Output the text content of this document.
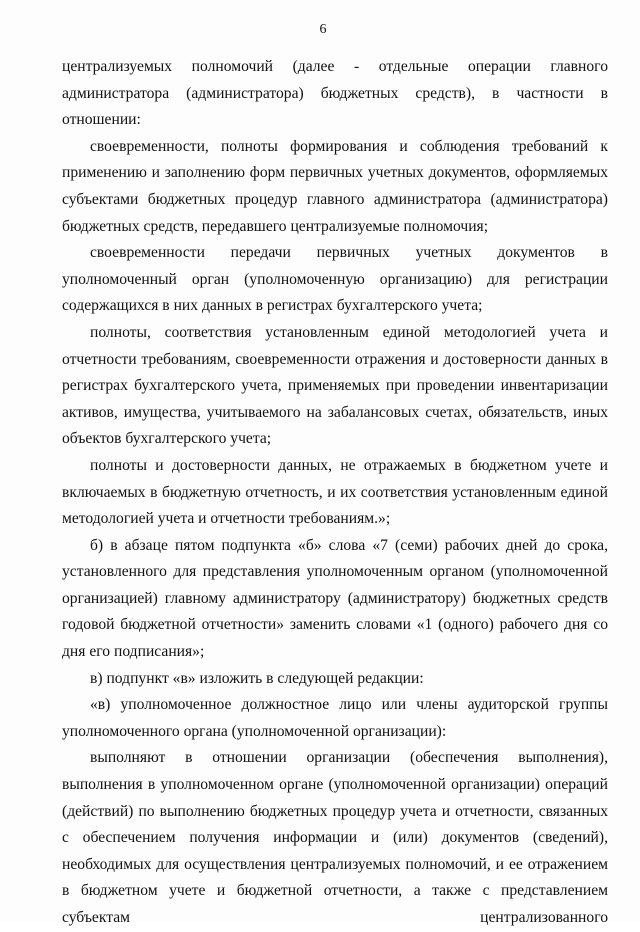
6

централизуемых полномочий (далее - отдельные операции главного администратора (администратора) бюджетных средств), в частности в отношении:

своевременности, полноты формирования и соблюдения требований к применению и заполнению форм первичных учетных документов, оформляемых субъектами бюджетных процедур главного администратора (администратора) бюджетных средств, передавшего централизуемые полномочия;

своевременности передачи первичных учетных документов в уполномоченный орган (уполномоченную организацию) для регистрации содержащихся в них данных в регистрах бухгалтерского учета;

полноты, соответствия установленным единой методологией учета и отчетности требованиям, своевременности отражения и достоверности данных в регистрах бухгалтерского учета, применяемых при проведении инвентаризации активов, имущества, учитываемого на забалансовых счетах, обязательств, иных объектов бухгалтерского учета;

полноты и достоверности данных, не отражаемых в бюджетном учете и включаемых в бюджетную отчетность, и их соответствия установленным единой методологией учета и отчетности требованиям.»;

б) в абзаце пятом подпункта «б» слова «7 (семи) рабочих дней до срока, установленного для представления уполномоченным органом (уполномоченной организацией) главному администратору (администратору) бюджетных средств годовой бюджетной отчетности» заменить словами «1 (одного) рабочего дня со дня его подписания»;

в) подпункт «в» изложить в следующей редакции:

«в) уполномоченное должностное лицо или члены аудиторской группы уполномоченного органа (уполномоченной организации):

выполняют в отношении организации (обеспечения выполнения), выполнения в уполномоченном органе (уполномоченной организации) операций (действий) по выполнению бюджетных процедур учета и отчетности, связанных с обеспечением получения информации и (или) документов (сведений), необходимых для осуществления централизуемых полномочий, и ее отражением в бюджетном учете и бюджетной отчетности, а также с представлением субъектам централизованного
